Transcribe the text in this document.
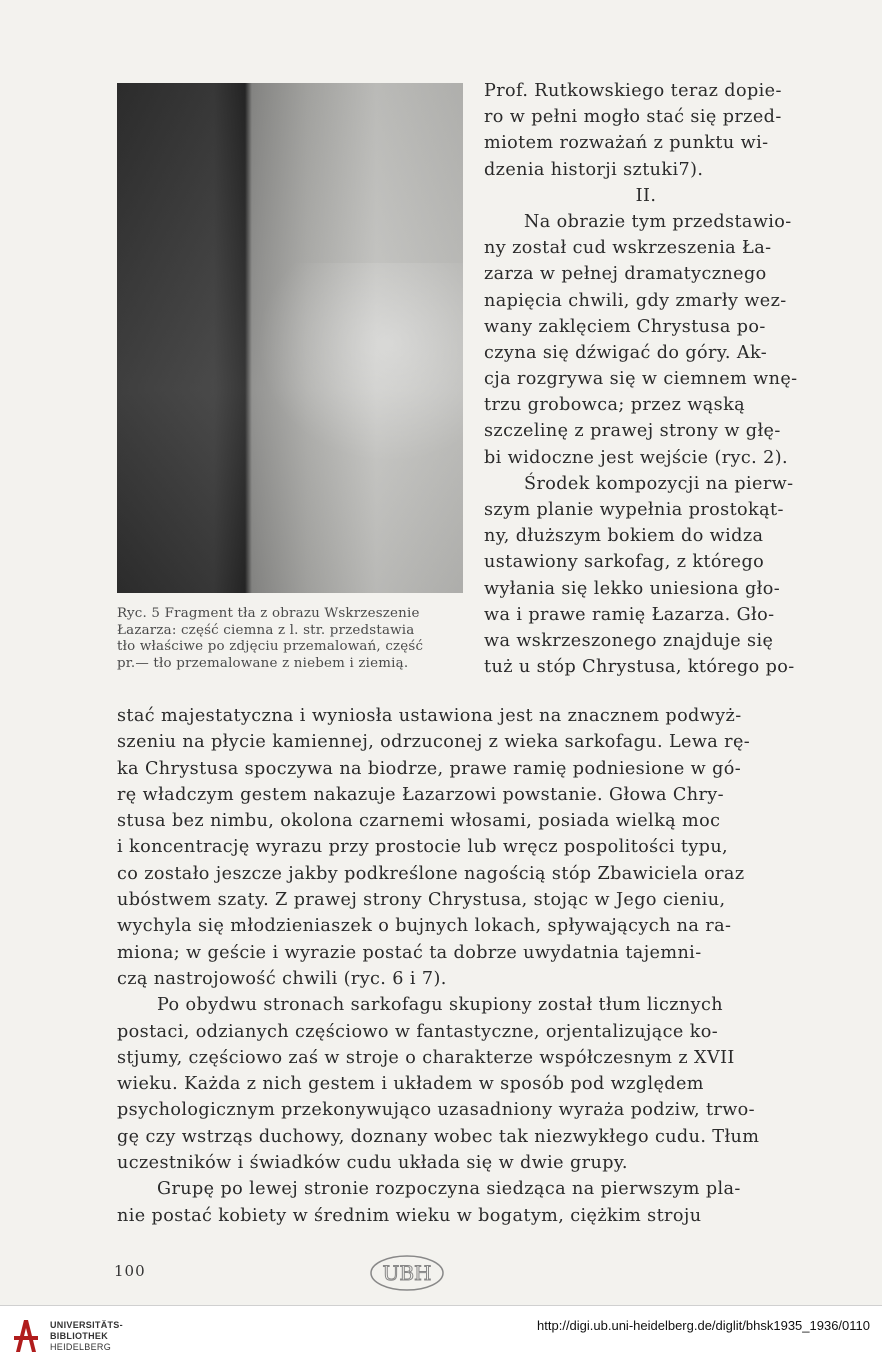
Ryc. 5 Fragment tła z obrazu Wskrzeszenie
Łazarza: część ciemna z l. str. przedstawia
tło właściwe po zdjęciu przemalowań, część
pr.— tło przemalowane z niebem i ziemią.
Prof. Rutkowskiego teraz dopie-
ro w pełni mogło stać się przed-
miotem rozważań z punktu wi-
dzenia historji sztuki7).
II.
Na obrazie tym przedstawio-
ny został cud wskrzeszenia Ła-
zarza w pełnej dramatycznego
napięcia chwili, gdy zmarły wez-
wany zaklęciem Chrystusa po-
czyna się dźwigać do góry. Ak-
cja rozgrywa się w ciemnem wnę-
trzu grobowca; przez wąską
szczelinę z prawej strony w głę-
bi widoczne jest wejście (ryc. 2).
Środek kompozycji na pierw-
szym planie wypełnia prostokąt-
ny, dłuższym bokiem do widza
ustawiony sarkofag, z którego
wyłania się lekko uniesiona gło-
wa i prawe ramię Łazarza. Gło-
wa wskrzeszonego znajduje się
tuż u stóp Chrystusa, którego po-
stać majestatyczna i wyniosła ustawiona jest na znacznem podwyż-
szeniu na płycie kamiennej, odrzuconej z wieka sarkofagu. Lewa rę-
ka Chrystusa spoczywa na biodrze, prawe ramię podniesione w gó-
rę władczym gestem nakazuje Łazarzowi powstanie. Głowa Chry-
stusa bez nimbu, okolona czarnemi włosami, posiada wielką moc
i koncentrację wyrazu przy prostocie lub wręcz pospolitości typu,
co zostało jeszcze jakby podkreślone nagością stóp Zbawiciela oraz
ubóstwem szaty. Z prawej strony Chrystusa, stojąc w Jego cieniu,
wychyla się młodzieniaszek o bujnych lokach, spływających na ra-
miona; w geście i wyrazie postać ta dobrze uwydatnia tajemni-
czą nastrojowość chwili (ryc. 6 i 7).
Po obydwu stronach sarkofagu skupiony został tłum licznych
postaci, odzianych częściowo w fantastyczne, orjentalizujące ko-
stjumy, częściowo zaś w stroje o charakterze współczesnym z XVII
wieku. Każda z nich gestem i układem w sposób pod względem
psychologicznym przekonywująco uzasadniony wyraża podziw, trwo-
gę czy wstrząs duchowy, doznany wobec tak niezwykłego cudu. Tłum
uczestników i świadków cudu układa się w dwie grupy.
Grupę po lewej stronie rozpoczyna siedząca na pierwszym pla-
nie postać kobiety w średnim wieku w bogatym, ciężkim stroju
100	UBH
UNIVERSITÄTS-
BIBLIOTHEK
HEIDELBERG
http://digi.ub.uni-heidelberg.de/diglit/bhsk1935_1936/0110
